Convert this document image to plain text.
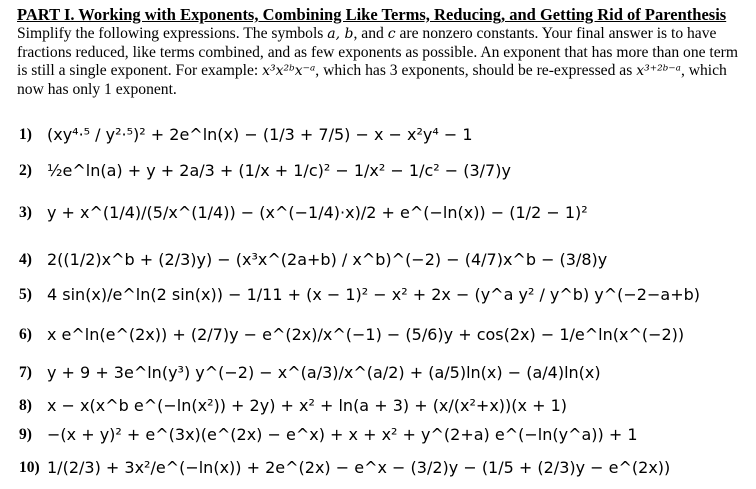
PART I. Working with Exponents, Combining Like Terms, Reducing, and Getting Rid of Parenthesis

Simplify the following expressions. The symbols a, b, and c are nonzero constants. Your final answer is to have fractions reduced, like terms combined, and as few exponents as possible. An exponent that has more than one term is still a single exponent. For example: x³x²ᵇx⁻ᵃ, which has 3 exponents, should be re-expressed as x³⁺²ᵇ⁻ᵃ, which now has only 1 exponent.

1) (xy⁴·⁵ / y²·⁵)² + 2e^ln(x) − (1/3 + 7/5) − x − x²y⁴ − 1
2) ½e^ln(a) + y + 2a/3 + (1/x + 1/c)² − 1/x² − 1/c² − (3/7)y
3) y + x^(1/4)/(5/x^(1/4)) − (x^(−1/4)·x)/2 + e^(−ln(x)) − (1/2 − 1)²
4) 2((1/2)x^b + (2/3)y) − (x³x^(2a+b) / x^b)^(−2) − (4/7)x^b − (3/8)y
5) 4 sin(x)/e^ln(2 sin(x)) − 1/11 + (x − 1)² − x² + 2x − (y^a y² / y^b) y^(−2−a+b)
6) x e^ln(e^(2x)) + (2/7)y − e^(2x)/x^(−1) − (5/6)y + cos(2x) − 1/e^ln(x^(−2))
7) y + 9 + 3e^ln(y³) y^(−2) − x^(a/3)/x^(a/2) + (a/5)ln(x) − (a/4)ln(x)
8) x − x(x^b e^(−ln(x²)) + 2y) + x² + ln(a + 3) + (x/(x²+x))(x + 1)
9) −(x + y)² + e^(3x)(e^(2x) − e^x) + x + x² + y^(2+a) e^(−ln(y^a)) + 1
10) 1/(2/3) + 3x²/e^(−ln(x)) + 2e^(2x) − e^x − (3/2)y − (1/5 + (2/3)y − e^(2x))
